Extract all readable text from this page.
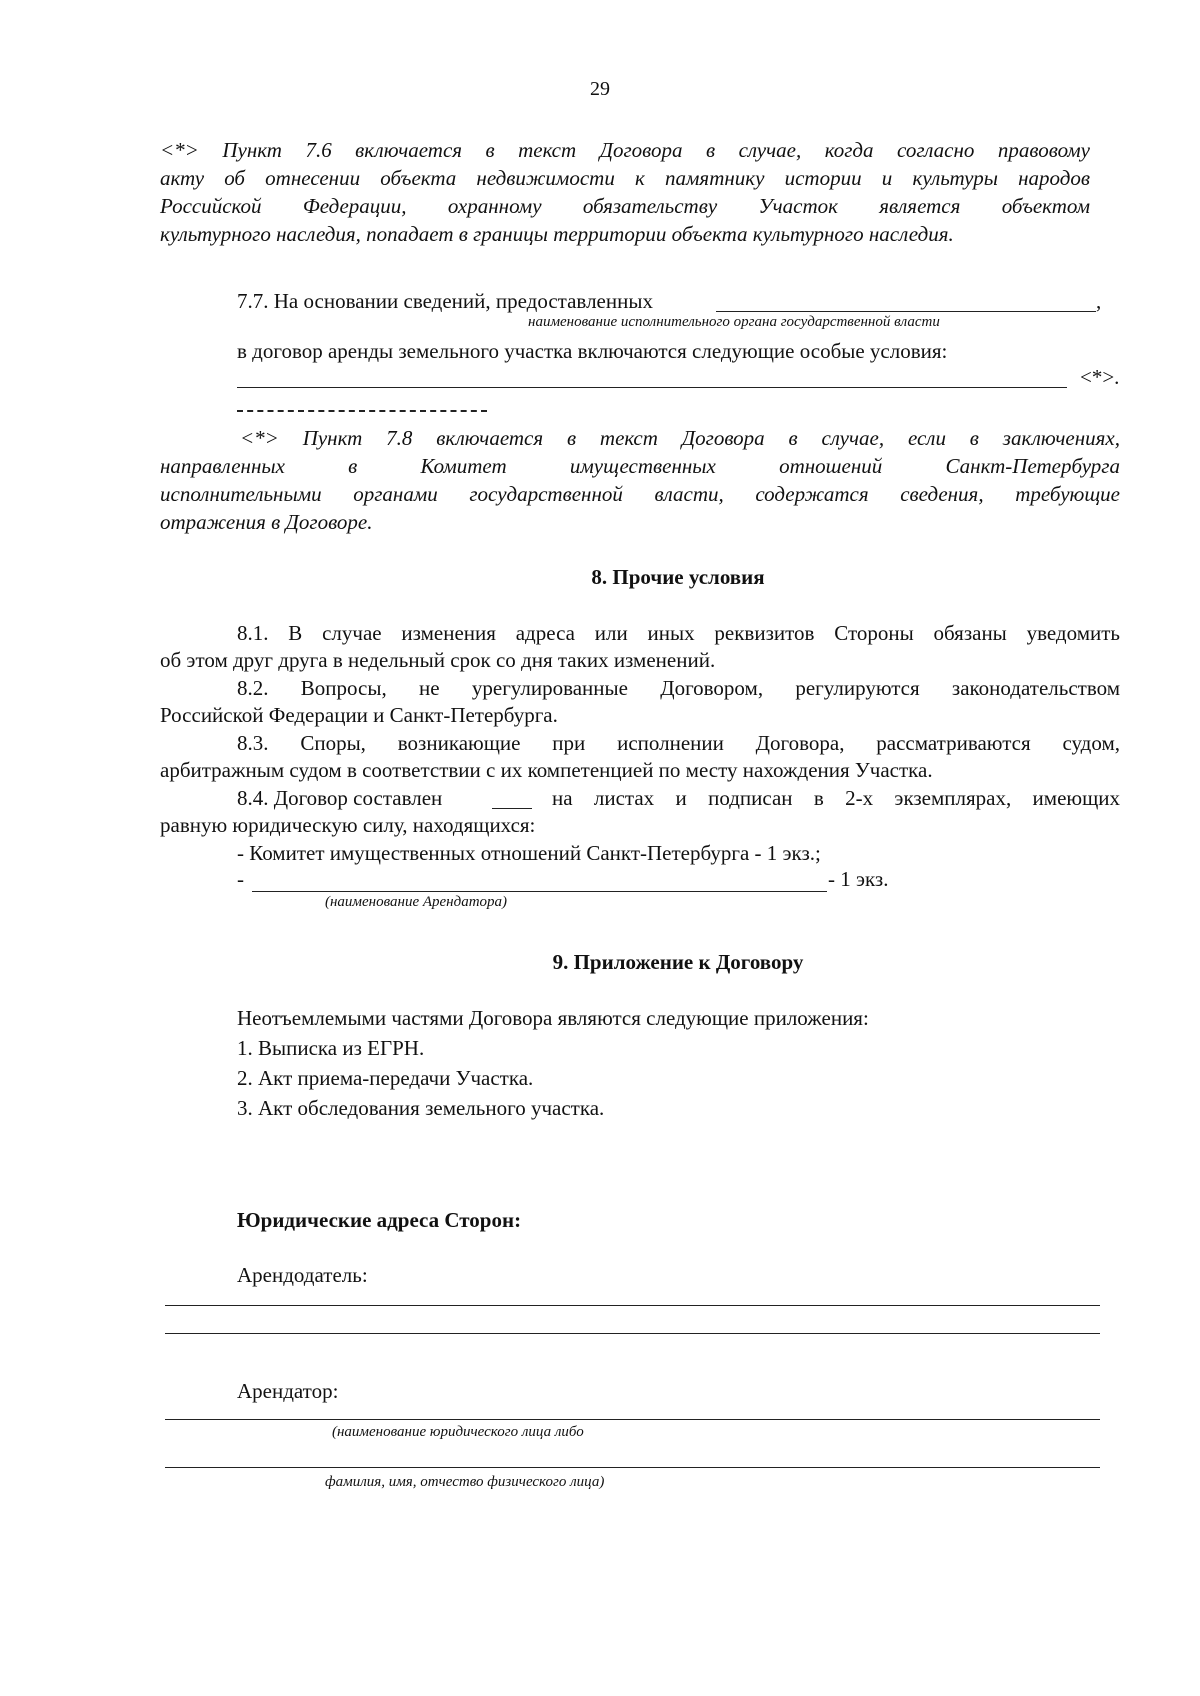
29
<*> Пункт 7.6 включается в текст Договора в случае, когда согласно правовому
акту об отнесении объекта недвижимости к памятнику истории и культуры народов
Российской Федерации, охранному обязательству Участок является объектом
культурного наследия, попадает в границы территории объекта культурного наследия.
7.7. На основании сведений, предоставленных	,
наименование исполнительного органа государственной власти
в договор аренды земельного участка включаются следующие особые условия:
<*>.
<*> Пункт 7.8 включается в текст Договора в случае, если в заключениях,
направленных в Комитет имущественных отношений Санкт-Петербурга
исполнительными органами государственной власти, содержатся сведения, требующие
отражения в Договоре.
8. Прочие условия
8.1. В случае изменения адреса или иных реквизитов Стороны обязаны уведомить
об этом друг друга в недельный срок со дня таких изменений.
8.2. Вопросы, не урегулированные Договором, регулируются законодательством
Российской Федерации и Санкт-Петербурга.
8.3. Споры, возникающие при исполнении Договора, рассматриваются судом,
арбитражным судом в соответствии с их компетенцией по месту нахождения Участка.
8.4. Договор составлен	на листах и подписан в 2-х экземплярах, имеющих
равную юридическую силу, находящихся:
- Комитет имущественных отношений Санкт-Петербурга - 1 экз.;
-	- 1 экз.
(наименование Арендатора)
9. Приложение к Договору
Неотъемлемыми частями Договора являются следующие приложения:
1. Выписка из ЕГРН.
2. Акт приема-передачи Участка.
3. Акт обследования земельного участка.
Юридические адреса Сторон:
Арендодатель:
Арендатор:
(наименование юридического лица либо
фамилия, имя, отчество физического лица)
